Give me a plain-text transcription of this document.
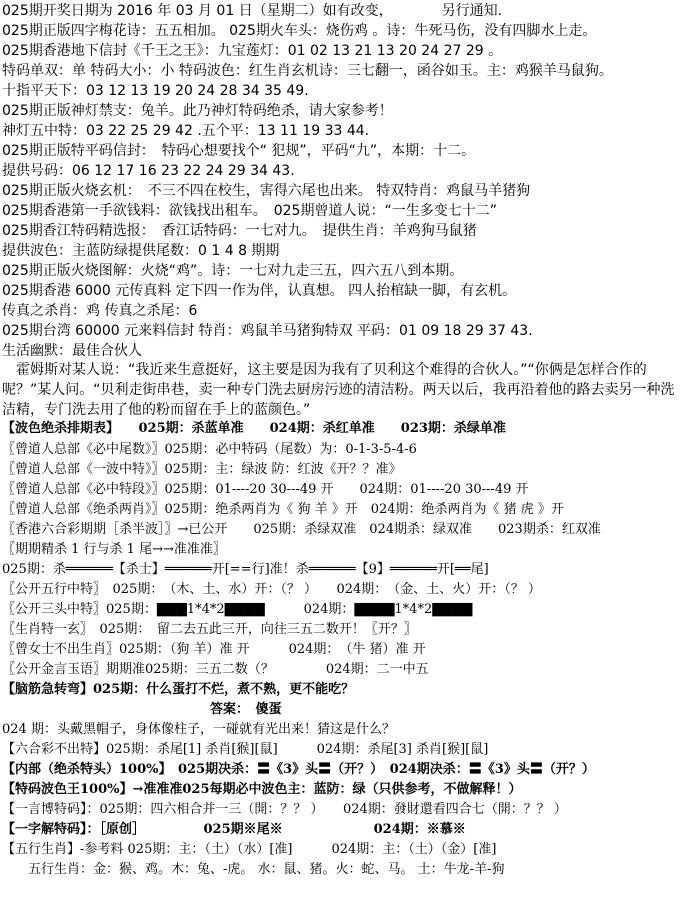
025期开奖日期为 2016 年 03 月 01 日（星期二）如有改变，　　　　另行通知.
025期正版四字梅花诗：五五相加。 025期火车头：烧伤鸡 。诗：牛死马伤，没有四脚水上走。
025期香港地下信封《千王之王》：九宝莲灯：01 02 13 21 13 20 24 27 29 。
特码单双：单 特码大小：小 特码波色：红生肖玄机诗：三七翻一，函谷如玉。主：鸡猴羊马鼠狗。
十指平天下：03 12 13 19 20 24 28 34 35 49.
025期正版神灯禁支：兔羊。此乃神灯特码绝杀，请大家参考！
神灯五中特：03 22 25 29 42 .五个平：13 11 19 33 44.
025期正版特平码信封：　特码心想要找个“ 犯规”，平码“九”，本期：十二。
提供号码：06 12 17 16 23 22 24 29 34 43.
025期正版火烧玄机：　不三不四在校生，害得六尾也出来。 特双特肖：鸡鼠马羊猪狗
025期香港第一手欲钱料：欲钱找出租车。　025期曾道人说：“一生多变七十二”
025期香江特码精选报：　香江话特码：一七对九。　提供生肖：羊鸡狗马鼠猪
提供波色：主蓝防绿提供尾数：0 1 4 8 期期
025期正版火烧图解：火烧“鸡”。诗：一七对九走三五，四六五八到本期。
025期香港 6000 元传真料 定下四一作为伴，认真想。 四人抬棺缺一脚，有玄机。
传真之杀肖：鸡 传真之杀尾：6
025期台湾 60000 元来料信封 特肖：鸡鼠羊马猪狗特双 平码：01 09 18 29 37 43.
生活幽默：最佳合伙人
　霍姆斯对某人说：“我近来生意挺好，这主要是因为我有了贝利这个难得的合伙人。”“你俩是怎样合作的呢？”某人问。“贝利走街串巷，卖一种专门洗去厨房污迹的清洁粉。两天以后，我再沿着他的路去卖另一种洗洁精，专门洗去用了他的粉而留在手上的蓝颜色。”
【波色绝杀排期表】　　025期：杀蓝单准　　024期：杀红单准　　023期：杀绿单准
〖曾道人总部《必中尾数》〗025期：必中特码（尾数）为：0-1-3-5-4-6
〖曾道人总部《一波中特》〗025期：主：绿波 防：红波《开？？准》
〖曾道人总部《必中特段》〗025期：01----20 30---49 开　　024期：01----20 30---49 开
〖曾道人总部《绝杀两肖》〗025期：绝杀两肖为《 狗 羊 》开　024期：绝杀两肖为《 猪 虎 》开
〖香港六合彩期期［杀半波］〗→已公开　　025期：杀绿双准　024期杀：绿双准　　023期杀：红双准
〖期期精杀 1 行与杀 1 尾→→准准准〗
025期：杀══════【杀士】══════开[==行]准！杀══════【9】══════开[══尾]
〖公开五行中特〗　025期：　（木、土、水）开：（？ ）　　024期：　（金、土、火）开：（？ ）
〖公开三头中特〗025期：▇▇▇1*4*2▇▇▇▇　　　024期：▇▇▇▇1*4*2▇▇▇▇
〖生肖特一玄〗　025期：　留二去五此三开，向往三五二数开！〖开？〗
〖曾女士不出生肖〗025期：（狗 羊）准 开　　　024期：　（牛 猪）准 开
〖公开金言玉语〗期期准025期：三五二数（？　　　　024期：二一中五
【脑筋急转弯】025期：什么蛋打不烂，煮不熟，更不能吃？
　　　　　　　　　　　　　　　　答案：　傻蛋
024 期：头戴黑帽子，身体像柱子，一碰就有光出来！猜这是什么？
【六合彩不出特】025期：杀尾[1] 杀肖[猴][鼠]　　　024期：杀尾[3] 杀肖[猴][鼠]
【内部（绝杀特头）100%】　025期决杀：〓《3》头〓（开？）　024期决杀：〓《3》头〓（开？）
【特码波色王100%】→准准准025每期必中波色主：蓝防：绿（只供参考，不做解释！）
【一言博特码】：025期：四六相合并一三（開：？？ ）　　024期：發財還看四合七（開：？？ ）
【一字解特码】：［原创］　　　　　025期※尾※　　　　　　　024期：※慕※
【五行生肖】-参考料 025期：主：（土）（水）[准]　　　024期：主：（土）（金）[准]
　　五行生肖：金：猴、鸡。木：兔、-虎。 水：鼠、猪。火：蛇、马。 土：牛龙-羊-狗
